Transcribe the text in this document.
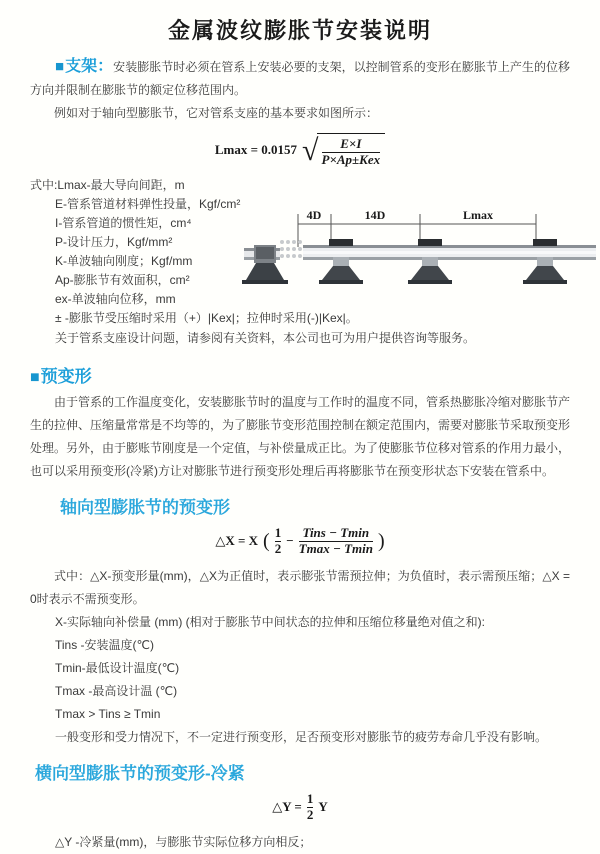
金属波纹膨胀节安装说明

■支架：安装膨胀节时必须在管系上安装必要的支架，以控制管系的变形在膨胀节上产生的位移方向并限制在膨胀节的额定位移范围内。

例如对于轴向型膨胀节，它对管系支座的基本要求如图所示：

Lmax = 0.0157 √ $\frac{E\times I}{\text{P×Ap±Kex}}$
式中:Lmax-最大导向间距，m
E-管系管道材料弹性投量，Kgf/cm²
I-管系管道的惯性矩，cm⁴
P-设计压力，Kgf/mm²
K-单波轴向刚度；Kgf/mm
Ap-膨胀节有效面积，cm²
ex-单波轴向位移，mm
± -膨胀节受压缩时采用（+）|Kex|；拉伸时采用(-)|Kex|。
4D	14D	Lmax

关于管系支座设计问题，请参阅有关资料，本公司也可为用户提供咨询等服务。

■预变形

由于管系的工作温度变化，安装膨胀节时的温度与工作时的温度不同，管系热膨胀冷缩对膨胀节产生的拉伸、压缩量常常是不均等的，为了膨胀节变形范围控制在额定范围内，需要对膨胀节采取预变形处理。另外，由于膨账节刚度是一个定值，与补偿量成正比。为了使膨胀节位移对管系的作用力最小，也可以采用预变形(冷紧)方让对膨胀节进行预变形处理后再将膨胀节在预变形状态下安装在管系中。

轴向型膨胀节的预变形
△X = X ( $\frac{1}{2} - \frac{\text{Tins − Tmin}}{Tmax - Tmin}$ )

式中：△X-预变形量(mm)，△X为正值时，表示膨张节需预拉伸；为负值时，表示需预压缩；△X = 0时表示不需预变形。

X-实际轴向补偿量 (mm) (相对于膨胀节中间状态的拉伸和压缩位移量绝对值之和):
Tins -安装温度(℃)
Tmin-最低设计温度(℃)
Tmax -最高设计温 (℃)
Tmax > Tins ≥ Tmin
一般变形和受力情况下，不一定进行预变形，足否预变形对膨胀节的疲劳寿命几乎没有影响。
横向型膨胀节的预变形-冷紧
△Y = $\frac{1}{2}$ Y
△Y -冷紧量(mm)，与膨胀节实际位移方向相反；
